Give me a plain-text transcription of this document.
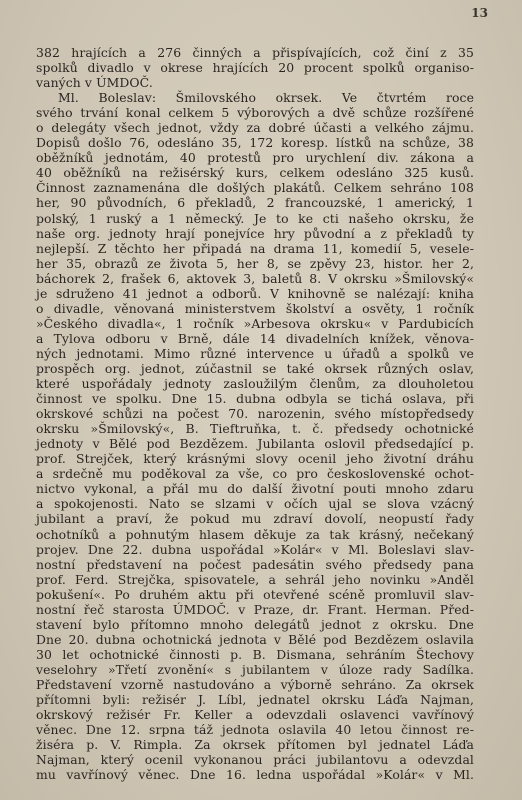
13
382 hrajících a 276 činných a přispívajících, což činí z 35
spolků divadlo v okrese hrajících 20 procent spolků organiso-
vaných v ÚMDOČ.
Ml. Boleslav: Šmilovského okrsek. Ve čtvrtém roce
svého trvání konal celkem 5 výborových a dvě schůze rozšířené
o delegáty všech jednot, vždy za dobré účasti a velkého zájmu.
Dopisů došlo 76, odesláno 35, 172 koresp. lístků na schůze, 38
oběžníků jednotám, 40 protestů pro urychlení div. zákona a
40 oběžníků na režisérský kurs, celkem odesláno 325 kusů.
Činnost zaznamenána dle došlých plakátů. Celkem sehráno 108
her, 90 původních, 6 překladů, 2 francouzské, 1 americký, 1
polský, 1 ruský a 1 německý. Je to ke cti našeho okrsku, že
naše org. jednoty hrají ponejvíce hry původní a z překladů ty
nejlepší. Z těchto her připadá na drama 11, komedií 5, vesele-
her 35, obrazů ze života 5, her 8, se zpěvy 23, histor. her 2,
báchorek 2, frašek 6, aktovek 3, baletů 8. V okrsku »Šmilovský«
je sdruženo 41 jednot a odborů. V knihovně se nalézají: kniha
o divadle, věnovaná ministerstvem školství a osvěty, 1 ročník
»Českého divadla«, 1 ročník »Arbesova okrsku« v Pardubicích
a Tylova odboru v Brně, dále 14 divadelních knížek, věnova-
ných jednotami. Mimo různé intervence u úřadů a spolků ve
prospěch org. jednot, zúčastnil se také okrsek různých oslav,
které uspořádaly jednoty zasloužilým členům, za dlouholetou
činnost ve spolku. Dne 15. dubna odbyla se tichá oslava, při
okrskové schůzi na počest 70. narozenin, svého místopředsedy
okrsku »Šmilovský«, B. Tieftruňka, t. č. předsedy ochotnické
jednoty v Bělé pod Bezdězem. Jubilanta oslovil předsedající p.
prof. Strejček, který krásnými slovy ocenil jeho životní dráhu
a srdečně mu poděkoval za vše, co pro československé ochot-
nictvo vykonal, a přál mu do další životní pouti mnoho zdaru
a spokojenosti. Nato se slzami v očích ujal se slova vzácný
jubilant a praví, že pokud mu zdraví dovolí, neopustí řady
ochotníků a pohnutým hlasem děkuje za tak krásný, nečekaný
projev. Dne 22. dubna uspořádal »Kolár« v Ml. Boleslavi slav-
nostní představení na počest padesátin svého předsedy pana
prof. Ferd. Strejčka, spisovatele, a sehrál jeho novinku »Anděl
pokušení«. Po druhém aktu při otevřené scéně promluvil slav-
nostní řeč starosta ÚMDOČ. v Praze, dr. Frant. Herman. Před-
stavení bylo přítomno mnoho delegátů jednot z okrsku. Dne
Dne 20. dubna ochotnická jednota v Bělé pod Bezdězem oslavila
30 let ochotnické činnosti p. B. Dismana, sehráním Štechovy
veselohry »Třetí zvonění« s jubilantem v úloze rady Sadílka.
Představení vzorně nastudováno a výborně sehráno. Za okrsek
přítomni byli: režisér J. Líbl, jednatel okrsku Láďa Najman,
okrskový režisér Fr. Keller a odevzdali oslavenci vavřínový
věnec. Dne 12. srpna táž jednota oslavila 40 letou činnost re-
žiséra p. V. Rimpla. Za okrsek přítomen byl jednatel Láďa
Najman, který ocenil vykonanou práci jubilantovu a odevzdal
mu vavřínový věnec. Dne 16. ledna uspořádal »Kolár« v Ml.
